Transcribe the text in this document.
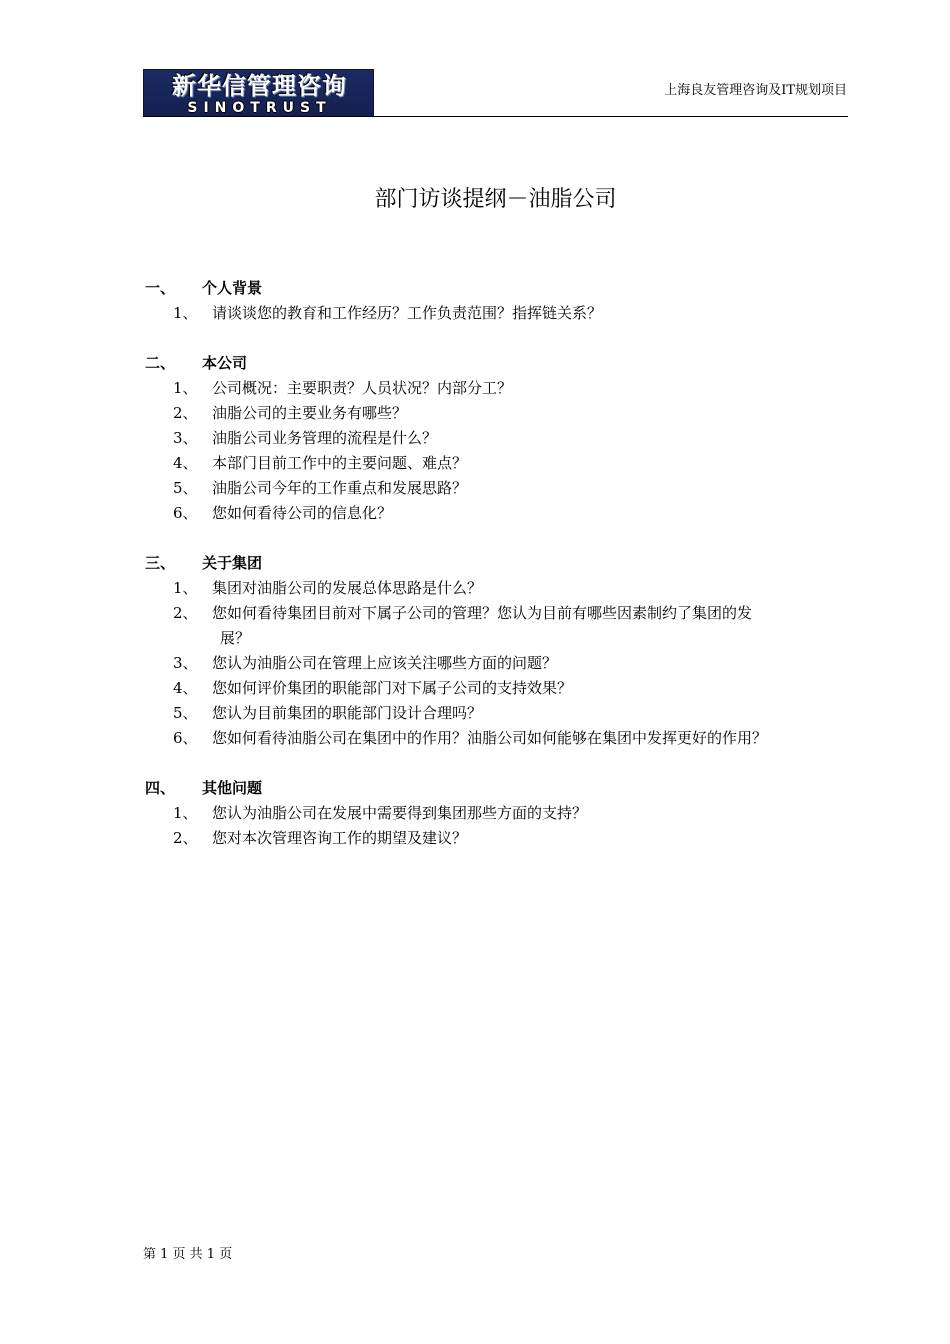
新华信管理咨询
SINOTRUST
上海良友管理咨询及IT规划项目
部门访谈提纲－油脂公司
一、 个人背景
1、 请谈谈您的教育和工作经历？工作负责范围？指挥链关系？
二、 本公司
1、 公司概况：主要职责？人员状况？内部分工？
2、 油脂公司的主要业务有哪些？
3、 油脂公司业务管理的流程是什么？
4、 本部门目前工作中的主要问题、难点？
5、 油脂公司今年的工作重点和发展思路？
6、 您如何看待公司的信息化？
三、 关于集团
1、 集团对油脂公司的发展总体思路是什么？
2、 您如何看待集团目前对下属子公司的管理？您认为目前有哪些因素制约了集团的发
展？
3、 您认为油脂公司在管理上应该关注哪些方面的问题？
4、 您如何评价集团的职能部门对下属子公司的支持效果？
5、 您认为目前集团的职能部门设计合理吗？
6、 您如何看待油脂公司在集团中的作用？油脂公司如何能够在集团中发挥更好的作用？
四、 其他问题
1、 您认为油脂公司在发展中需要得到集团那些方面的支持？
2、 您对本次管理咨询工作的期望及建议？
第 1 页 共 1 页
